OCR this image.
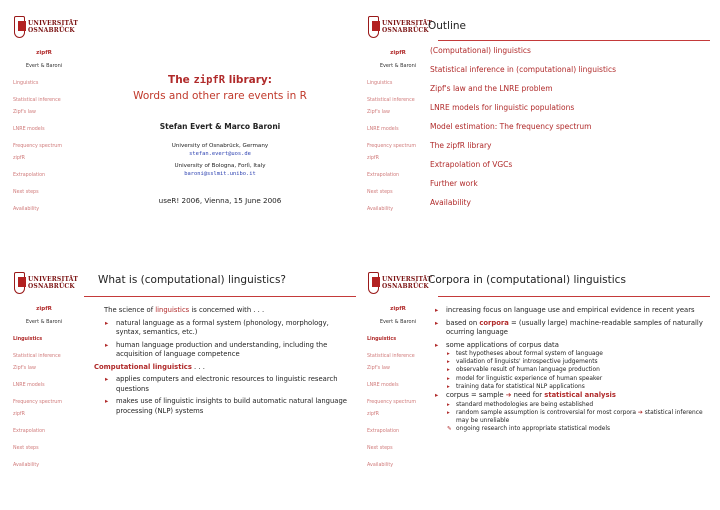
UNIVERSITÄT
OSNABRÜCK
zipfR
Evert & Baroni
Linguistics
Statistical inference
Zipf's law
LNRE models
Frequency spectrum
zipfR
Extrapolation
Next steps
Availability
The zipfR library:
Words and other rare events in R
Stefan Evert & Marco Baroni
University of Osnabrück, Germany
stefan.evert@uos.de
University of Bologna, Forlì, Italy
baroni@sslmit.unibo.it
useR! 2006, Vienna, 15 June 2006
UNIVERSITÄT
OSNABRÜCK Outline
zipfR
Evert & Baroni
Linguistics
Statistical inference
Zipf's law
LNRE models
Frequency spectrum
zipfR
Extrapolation
Next steps
Availability
(Computational) linguistics
Statistical inference in (computational) linguistics
Zipf's law and the LNRE problem
LNRE models for linguistic populations
Model estimation: The frequency spectrum
The zipfR library
Extrapolation of VGCs
Further work
Availability
UNIVERSITÄT
OSNABRÜCK
What is (computational) linguistics?
zipfR
Evert & Baroni
Linguistics
Statistical inference
Zipf's law
LNRE models
Frequency spectrum
zipfR
Extrapolation
Next steps
Availability
The science of linguistics is concerned with . . .
▸ natural language as a formal system (phonology, morphology, syntax, semantics, etc.)
▸ human language production and understanding, including the acquisition of language competence
Computational linguistics . . .
▸ applies computers and electronic resources to linguistic research questions
▸ makes use of linguistic insights to build automatic natural language processing (NLP) systems
UNIVERSITÄT
OSNABRÜCK
Corpora in (computational) linguistics
zipfR
Evert & Baroni
Linguistics
Statistical inference
Zipf's law
LNRE models
Frequency spectrum
zipfR
Extrapolation
Next steps
Availability
▸ increasing focus on language use and empirical evidence in recent years
▸ based on corpora = (usually large) machine-readable samples of naturally ocurring language
▸ some applications of corpus data
▸ test hypotheses about formal system of language
▸ validation of linguists' introspective judgements
▸ observable result of human language production
▸ model for linguistic experience of human speaker
▸ training data for statistical NLP applications
▸ corpus = sample ➔ need for statistical analysis
▸ standard methodologies are being established
▸ random sample assumption is controversial for most corpora ➔ statistical inference may be unreliable
✎ ongoing research into appropriate statistical models
